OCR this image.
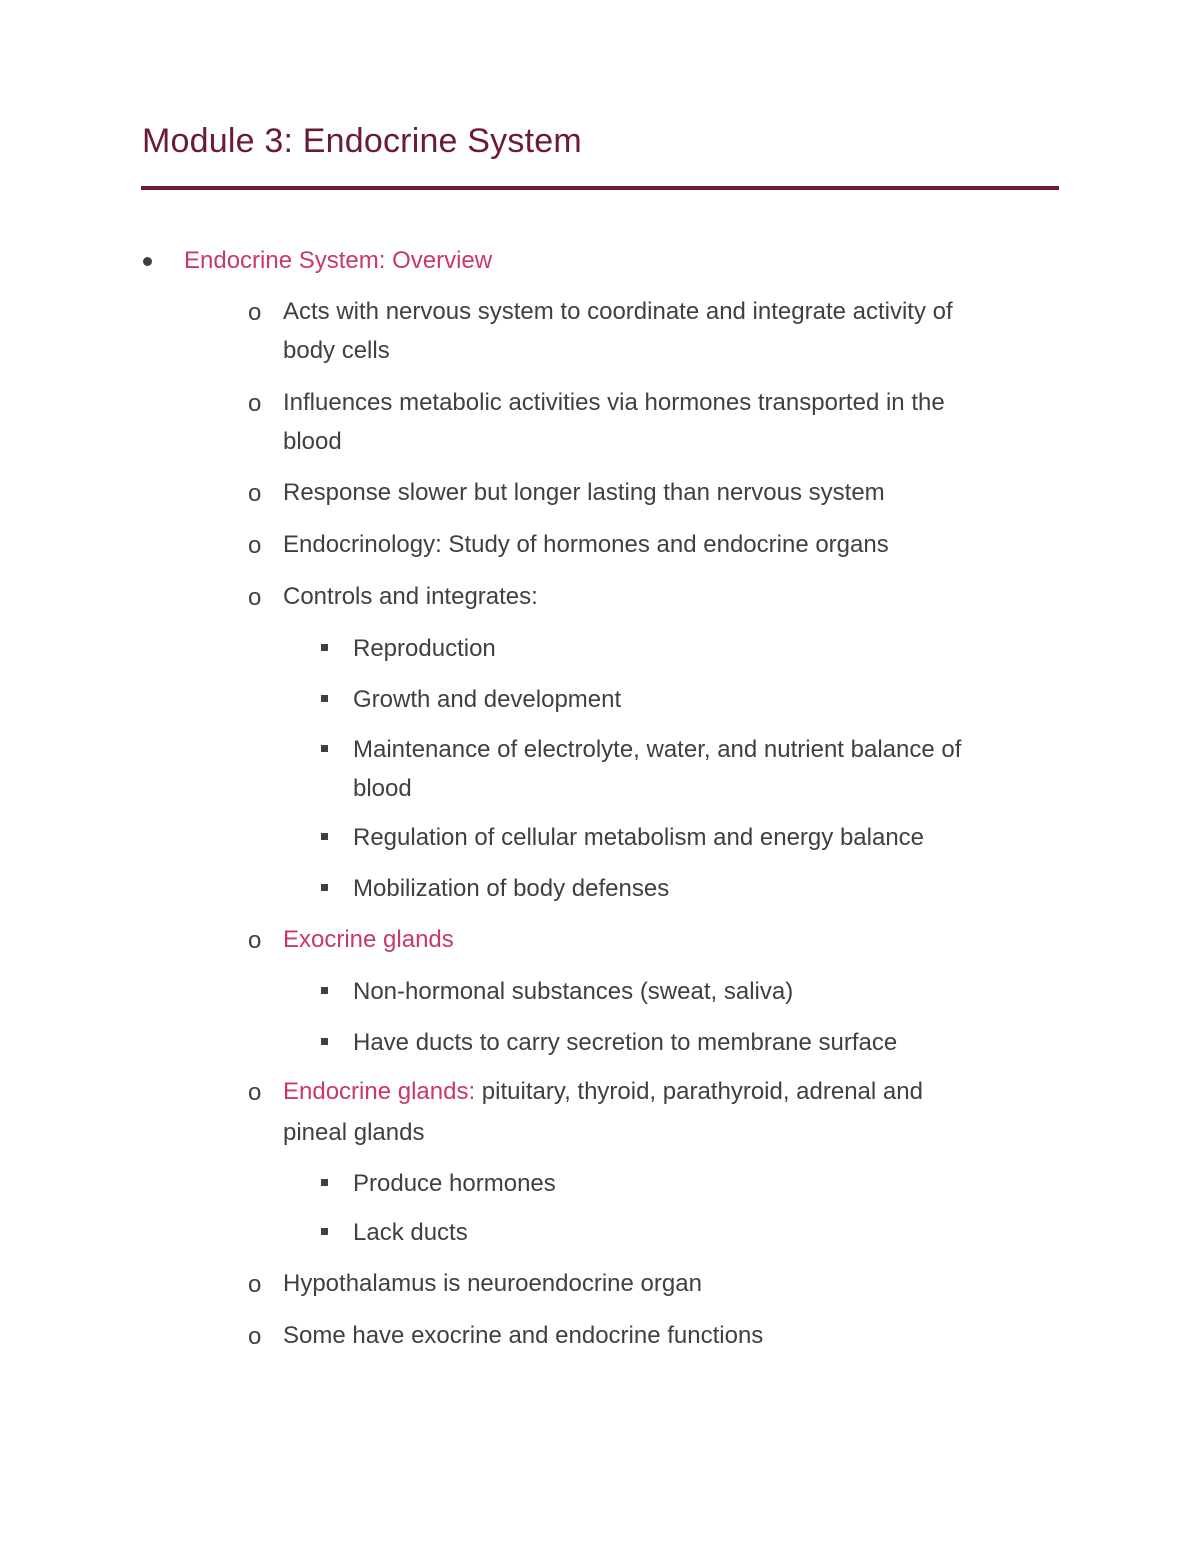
Module 3: Endocrine System
Endocrine System: Overview
o Acts with nervous system to coordinate and integrate activity of
body cells
o Influences metabolic activities via hormones transported in the
blood
o Response slower but longer lasting than nervous system
o Endocrinology: Study of hormones and endocrine organs
o Controls and integrates:
Reproduction
Growth and development
Maintenance of electrolyte, water, and nutrient balance of
blood
Regulation of cellular metabolism and energy balance
Mobilization of body defenses
o Exocrine glands
Non-hormonal substances (sweat, saliva)
Have ducts to carry secretion to membrane surface
o Endocrine glands: pituitary, thyroid, parathyroid, adrenal and
pineal glands
Produce hormones
Lack ducts
o Hypothalamus is neuroendocrine organ
o Some have exocrine and endocrine functions
